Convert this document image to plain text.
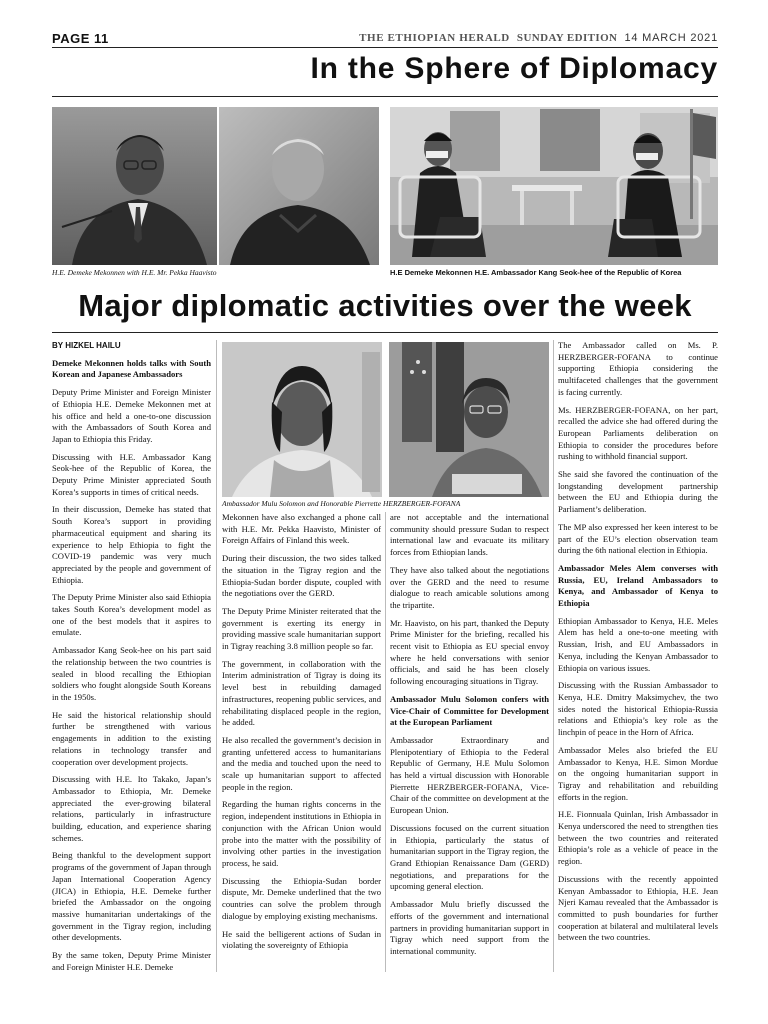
PAGE 11	THE ETHIOPIAN HERALD SUNDAY EDITION 14 MARCH 2021
In the Sphere of Diplomacy
H.E. Demeke Mekonnen with H.E. Mr. Pekka Haavisto	H.E Demeke Mekonnen H.E. Ambassador Kang Seok-hee of the Republic of Korea
Major diplomatic activities over the week
BY HIZKEL HAILU

Demeke Mekonnen holds talks with South Korean and Japanese Ambassadors

Deputy Prime Minister and Foreign Minister of Ethiopia H.E. Demeke Mekonnen met at his office and held a one-to-one discussion with the Ambassadors of South Korea and Japan to Ethiopia this Friday.

Discussing with H.E. Ambassador Kang Seok-hee of the Republic of Korea, the Deputy Prime Minister appreciated South Korea’s supports in times of critical needs.

In their discussion, Demeke has stated that South Korea’s support in providing pharmaceutical equipment and sharing its experience to help Ethiopia to fight the COVID-19 pandemic was very much appreciated by the people and government of Ethiopia.

The Deputy Prime Minister also said Ethiopia takes South Korea’s development model as one of the best models that it aspires to emulate.

Ambassador Kang Seok-hee on his part said the relationship between the two countries is sealed in blood recalling the Ethiopian soldiers who fought alongside South Koreans in the 1950s.

He said the historical relationship should further be strengthened with various engagements in addition to the existing relations in technology transfer and cooperation over development projects.

Discussing with H.E. Ito Takako, Japan’s Ambassador to Ethiopia, Mr. Demeke appreciated the ever-growing bilateral relations, particularly in infrastructure building, education, and experience sharing schemes.

Being thankful to the development support programs of the government of Japan through Japan International Cooperation Agency (JICA) in Ethiopia, H.E. Demeke further briefed the Ambassador on the ongoing massive humanitarian undertakings of the government in the Tigray region, including other developments.

By the same token, Deputy Prime Minister and Foreign Minister H.E. Demeke

Ambassador Mulu Solomon and Honorable Pierrette HERZBERGER-FOFANA

Mekonnen have also exchanged a phone call with H.E. Mr. Pekka Haavisto, Minister of Foreign Affairs of Finland this week.

During their discussion, the two sides talked the situation in the Tigray region and the Ethiopia-Sudan border dispute, coupled with the negotiations over the GERD.

The Deputy Prime Minister reiterated that the government is exerting its energy in providing massive scale humanitarian support in Tigray reaching 3.8 million people so far.

The government, in collaboration with the Interim administration of Tigray is doing its level best in rebuilding damaged infrastructures, reopening public services, and rehabilitating displaced people in the region, he added.

He also recalled the government’s decision in granting unfettered access to humanitarians and the media and touched upon the need to scale up humanitarian support to affected people in the region.

Regarding the human rights concerns in the region, independent institutions in Ethiopia in conjunction with the African Union would probe into the matter with the possibility of involving other parties in the investigation process, he said.

Discussing the Ethiopia-Sudan border dispute, Mr. Demeke underlined that the two countries can solve the problem through dialogue by employing existing mechanisms.

He said the belligerent actions of Sudan in violating the sovereignty of Ethiopia

are not acceptable and the international community should pressure Sudan to respect international law and evacuate its military forces from Ethiopian lands.

They have also talked about the negotiations over the GERD and the need to resume dialogue to reach amicable solutions among the tripartite.

Mr. Haavisto, on his part, thanked the Deputy Prime Minister for the briefing, recalled his recent visit to Ethiopia as EU special envoy where he held conversations with senior officials, and said he has been closely following encouraging situations in Tigray.

Ambassador Mulu Solomon confers with Vice-Chair of Committee for Development at the European Parliament

Ambassador Extraordinary and Plenipotentiary of Ethiopia to the Federal Republic of Germany, H.E Mulu Solomon has held a virtual discussion with Honorable Pierrette HERZBERGER-FOFANA, Vice-Chair of the committee on development at the European Union.

Discussions focused on the current situation in Ethiopia, particularly the status of humanitarian support in the Tigray region, the Grand Ethiopian Renaissance Dam (GERD) negotiations, and preparations for the upcoming general election.

Ambassador Mulu briefly discussed the efforts of the government and international partners in providing humanitarian support in Tigray which need support from the international community.

The Ambassador called on Ms. P. HERZBERGER-FOFANA to continue supporting Ethiopia considering the multifaceted challenges that the government is facing currently.

Ms. HERZBERGER-FOFANA, on her part, recalled the advice she had offered during the European Parliaments deliberation on Ethiopia to consider the procedures before rushing to withhold financial support.

She said she favored the continuation of the longstanding development partnership between the EU and Ethiopia during the Parliament’s deliberation.

The MP also expressed her keen interest to be part of the EU’s election observation team during the 6th national election in Ethiopia.

Ambassador Meles Alem converses with Russia, EU, Ireland Ambassadors to Kenya, and Ambassador of Kenya to Ethiopia

Ethiopian Ambassador to Kenya, H.E. Meles Alem has held a one-to-one meeting with Russian, Irish, and EU Ambassadors in Kenya, including the Kenyan Ambassador to Ethiopia on various issues.

Discussing with the Russian Ambassador to Kenya, H.E. Dmitry Maksimychev, the two sides noted the historical Ethiopia-Russia relations and Ethiopia’s key role as the linchpin of peace in the Horn of Africa.

Ambassador Meles also briefed the EU Ambassador to Kenya, H.E. Simon Mordue on the ongoing humanitarian support in Tigray and rehabilitation and rebuilding efforts in the region.

H.E. Fionnuala Quinlan, Irish Ambassador in Kenya underscored the need to strengthen ties between the two countries and reiterated Ethiopia’s role as a vehicle of peace in the region.

Discussions with the recently appointed Kenyan Ambassador to Ethiopia, H.E. Jean Njeri Kamau revealed that the Ambassador is committed to push boundaries for further cooperation at bilateral and multilateral levels between the two countries.
